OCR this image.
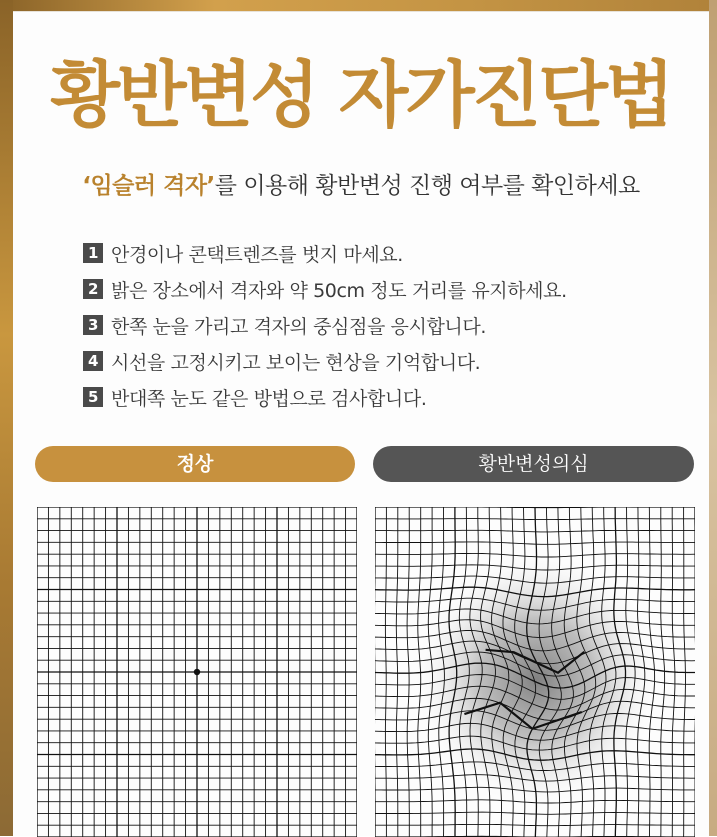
황반변성 자가진단법
‘임슬러 격자’를 이용해 황반변성 진행 여부를 확인하세요
1 안경이나 콘택트렌즈를 벗지 마세요.
2 밝은 장소에서 격자와 약 50cm 정도 거리를 유지하세요.
3 한쪽 눈을 가리고 격자의 중심점을 응시합니다.
4 시선을 고정시키고 보이는 현상을 기억합니다.
5 반대쪽 눈도 같은 방법으로 검사합니다.
정상	황반변성의심
